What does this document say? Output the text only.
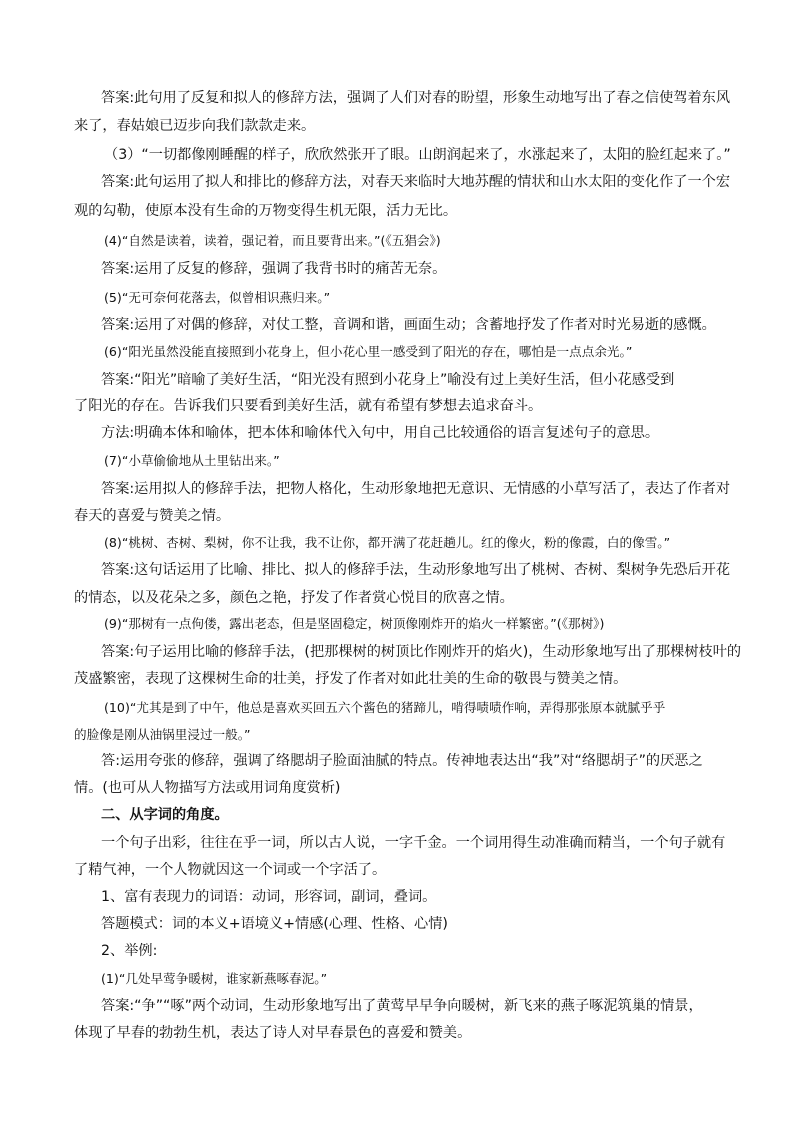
答案:此句用了反复和拟人的修辞方法，强调了人们对春的盼望，形象生动地写出了春之信使驾着东风
来了，春姑娘已迈步向我们款款走来。
（3）“一切都像刚睡醒的样子，欣欣然张开了眼。山朗润起来了，水涨起来了，太阳的脸红起来了。”
答案:此句运用了拟人和排比的修辞方法，对春天来临时大地苏醒的情状和山水太阳的变化作了一个宏
观的勾勒，使原本没有生命的万物变得生机无限，活力无比。
(4)“自然是读着，读着，强记着，而且要背出来。”(《五猖会》)
答案:运用了反复的修辞，强调了我背书时的痛苦无奈。
(5)“无可奈何花落去，似曾相识燕归来。”
答案:运用了对偶的修辞，对仗工整，音调和谐，画面生动；含蓄地抒发了作者对时光易逝的感慨。
(6)“阳光虽然没能直接照到小花身上，但小花心里一感受到了阳光的存在，哪怕是一点点余光。”
答案:“阳光”暗喻了美好生活，“阳光没有照到小花身上”喻没有过上美好生活，但小花感受到
了阳光的存在。告诉我们只要看到美好生活，就有希望有梦想去追求奋斗。
方法:明确本体和喻体，把本体和喻体代入句中，用自己比较通俗的语言复述句子的意思。
(7)“小草偷偷地从土里钻出来。”
答案:运用拟人的修辞手法，把物人格化，生动形象地把无意识、无情感的小草写活了，表达了作者对
春天的喜爱与赞美之情。
(8)“桃树、杏树、梨树，你不让我，我不让你，都开满了花赶趟儿。红的像火，粉的像霞，白的像雪。”
答案:这句话运用了比喻、排比、拟人的修辞手法，生动形象地写出了桃树、杏树、梨树争先恐后开花
的情态，以及花朵之多，颜色之艳，抒发了作者赏心悦目的欣喜之情。
(9)“那树有一点佝偻，露出老态，但是坚固稳定，树顶像刚炸开的焰火一样繁密。”(《那树》)
答案:句子运用比喻的修辞手法，(把那棵树的树顶比作刚炸开的焰火)，生动形象地写出了那棵树枝叶的
茂盛繁密，表现了这棵树生命的壮美，抒发了作者对如此壮美的生命的敬畏与赞美之情。
(10)“尤其是到了中午，他总是喜欢买回五六个酱色的猪蹄儿，啃得啧啧作响，弄得那张原本就腻乎乎
的脸像是刚从油锅里浸过一般。”
答:运用夸张的修辞，强调了络腮胡子脸面油腻的特点。传神地表达出“我”对“络腮胡子”的厌恶之
情。(也可从人物描写方法或用词角度赏析)
二、从字词的角度。
一个句子出彩，往往在乎一词，所以古人说，一字千金。一个词用得生动准确而精当，一个句子就有
了精气神，一个人物就因这一个词或一个字活了。
1、富有表现力的词语：动词，形容词，副词，叠词。
答题模式：词的本义+语境义+情感(心理、性格、心情)
2、举例:
(1)“几处早莺争暖树，谁家新燕啄春泥。”
答案:“争”“啄”两个动词，生动形象地写出了黄莺早早争向暖树，新飞来的燕子啄泥筑巢的情景，
体现了早春的勃勃生机，表达了诗人对早春景色的喜爱和赞美。
